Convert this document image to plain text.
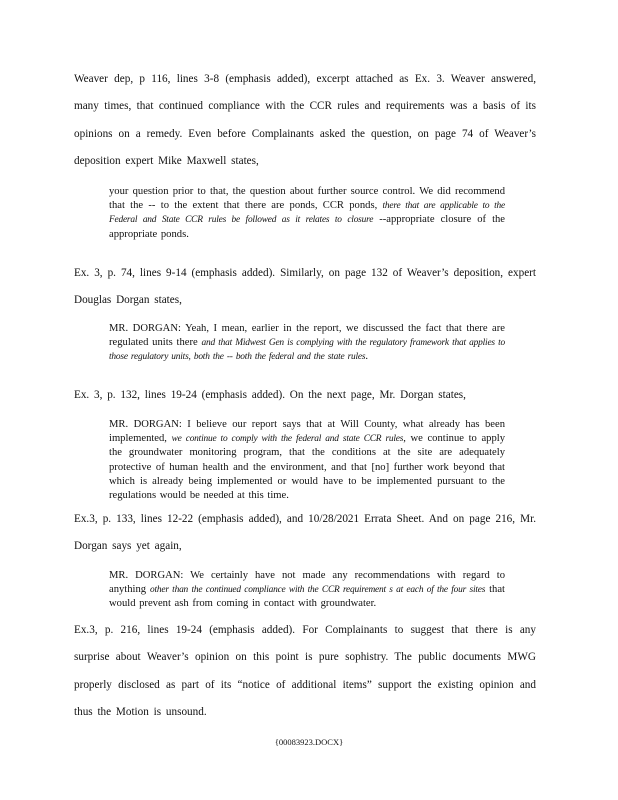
Weaver dep, p 116, lines 3-8 (emphasis added), excerpt attached as Ex. 3. Weaver answered, many times, that continued compliance with the CCR rules and requirements was a basis of its opinions on a remedy. Even before Complainants asked the question, on page 74 of Weaver’s deposition expert Mike Maxwell states,

your question prior to that, the question about further source control. We did recommend that the -- to the extent that there are ponds, CCR ponds, there that are applicable to the Federal and State CCR rules be followed as it relates to closure --appropriate closure of the appropriate ponds.

Ex. 3, p. 74, lines 9-14 (emphasis added). Similarly, on page 132 of Weaver’s deposition, expert Douglas Dorgan states,

MR. DORGAN: Yeah, I mean, earlier in the report, we discussed the fact that there are regulated units there and that Midwest Gen is complying with the regulatory framework that applies to those regulatory units, both the -- both the federal and the state rules.

Ex. 3, p. 132, lines 19-24 (emphasis added). On the next page, Mr. Dorgan states,

MR. DORGAN: I believe our report says that at Will County, what already has been implemented, we continue to comply with the federal and state CCR rules, we continue to apply the groundwater monitoring program, that the conditions at the site are adequately protective of human health and the environment, and that [no] further work beyond that which is already being implemented or would have to be implemented pursuant to the regulations would be needed at this time.

Ex.3, p. 133, lines 12-22 (emphasis added), and 10/28/2021 Errata Sheet. And on page 216, Mr. Dorgan says yet again,

MR. DORGAN: We certainly have not made any recommendations with regard to anything other than the continued compliance with the CCR requirement s at each of the four sites that would prevent ash from coming in contact with groundwater.

Ex.3, p. 216, lines 19-24 (emphasis added). For Complainants to suggest that there is any surprise about Weaver’s opinion on this point is pure sophistry. The public documents MWG properly disclosed as part of its “notice of additional items” support the existing opinion and thus the Motion is unsound.

{00083923.DOCX}
